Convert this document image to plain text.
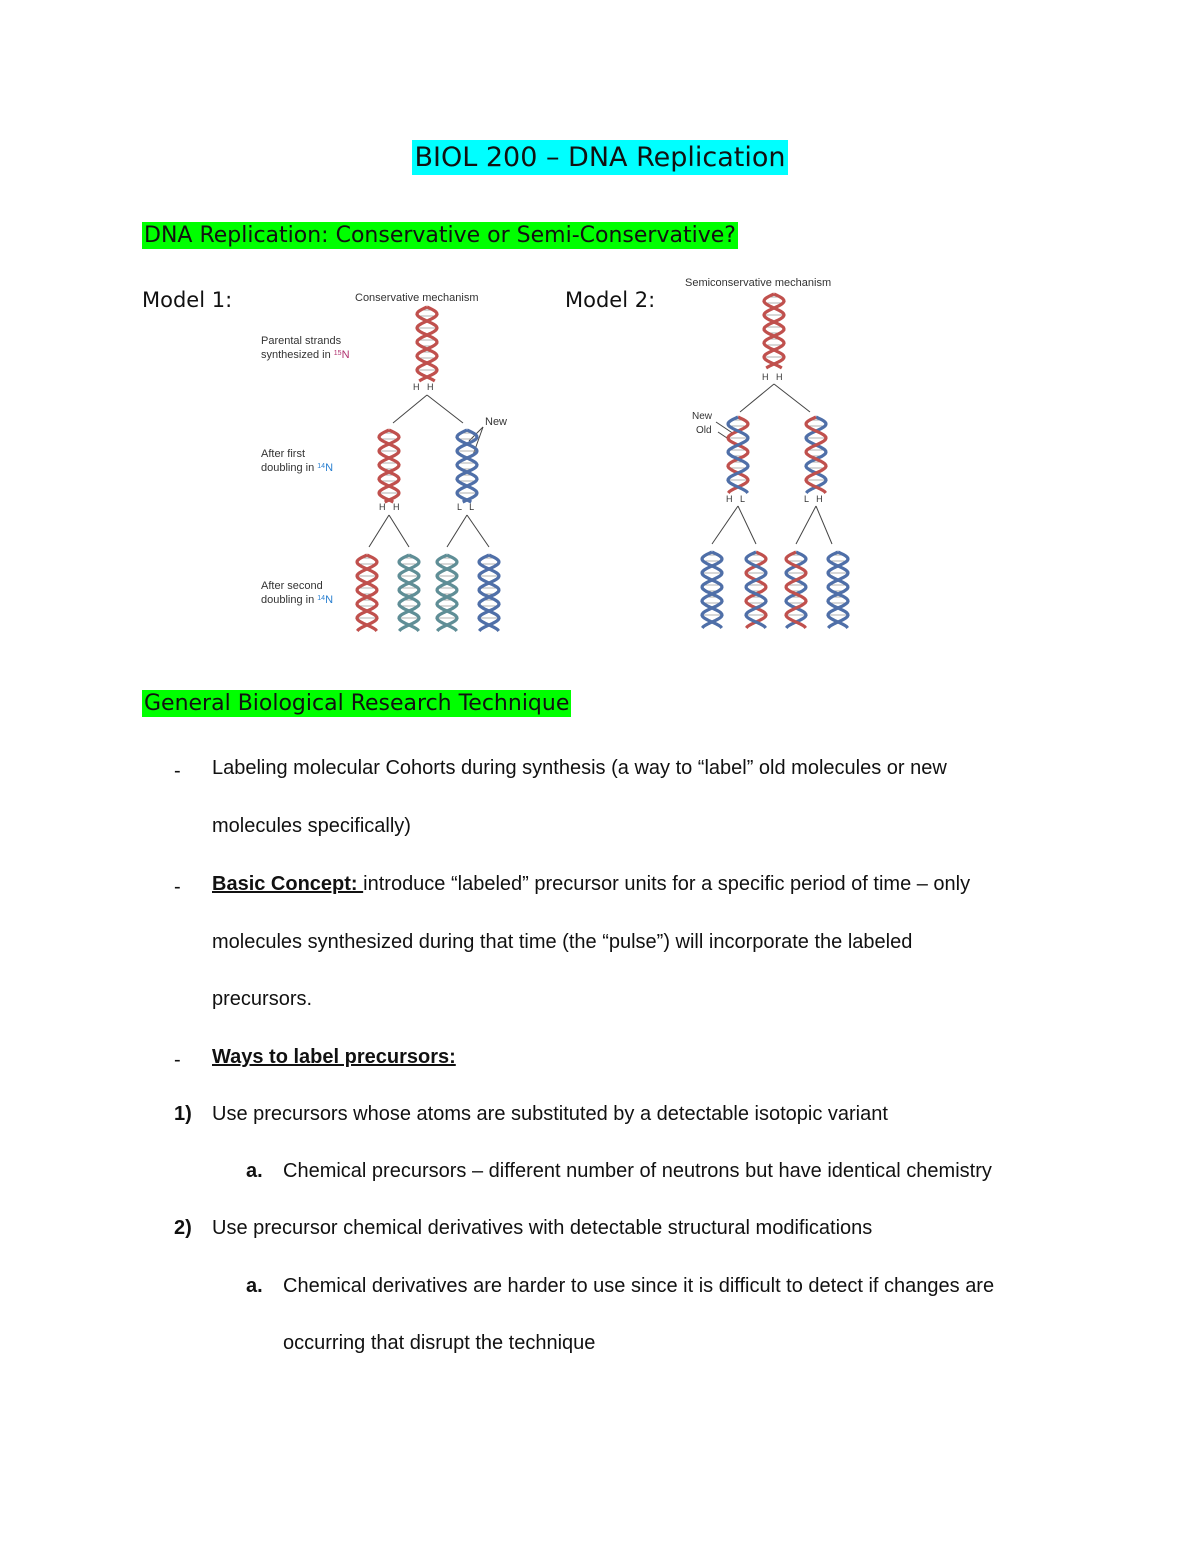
BIOL 200 – DNA Replication
DNA Replication: Conservative or Semi-Conservative?
Model 1:	Model 2:
Conservative mechanism
Parental strands
synthesized in $^{15}$N
After first
doubling in $^{14}$N
After second
doubling in $^{14}$N
New
H   H
H   H	L   L
Semiconservative mechanism
New
Old
H   H
H   L	L   H
General Biological Research Technique
- Labeling molecular Cohorts during synthesis (a way to “label” old molecules or new
molecules specifically)
- Basic Concept: introduce “labeled” precursor units for a specific period of time – only
molecules synthesized during that time (the “pulse”) will incorporate the labeled
precursors.
- Ways to label precursors:
1) Use precursors whose atoms are substituted by a detectable isotopic variant
a. Chemical precursors – different number of neutrons but have identical chemistry
2) Use precursor chemical derivatives with detectable structural modifications
a. Chemical derivatives are harder to use since it is difficult to detect if changes are
occurring that disrupt the technique
